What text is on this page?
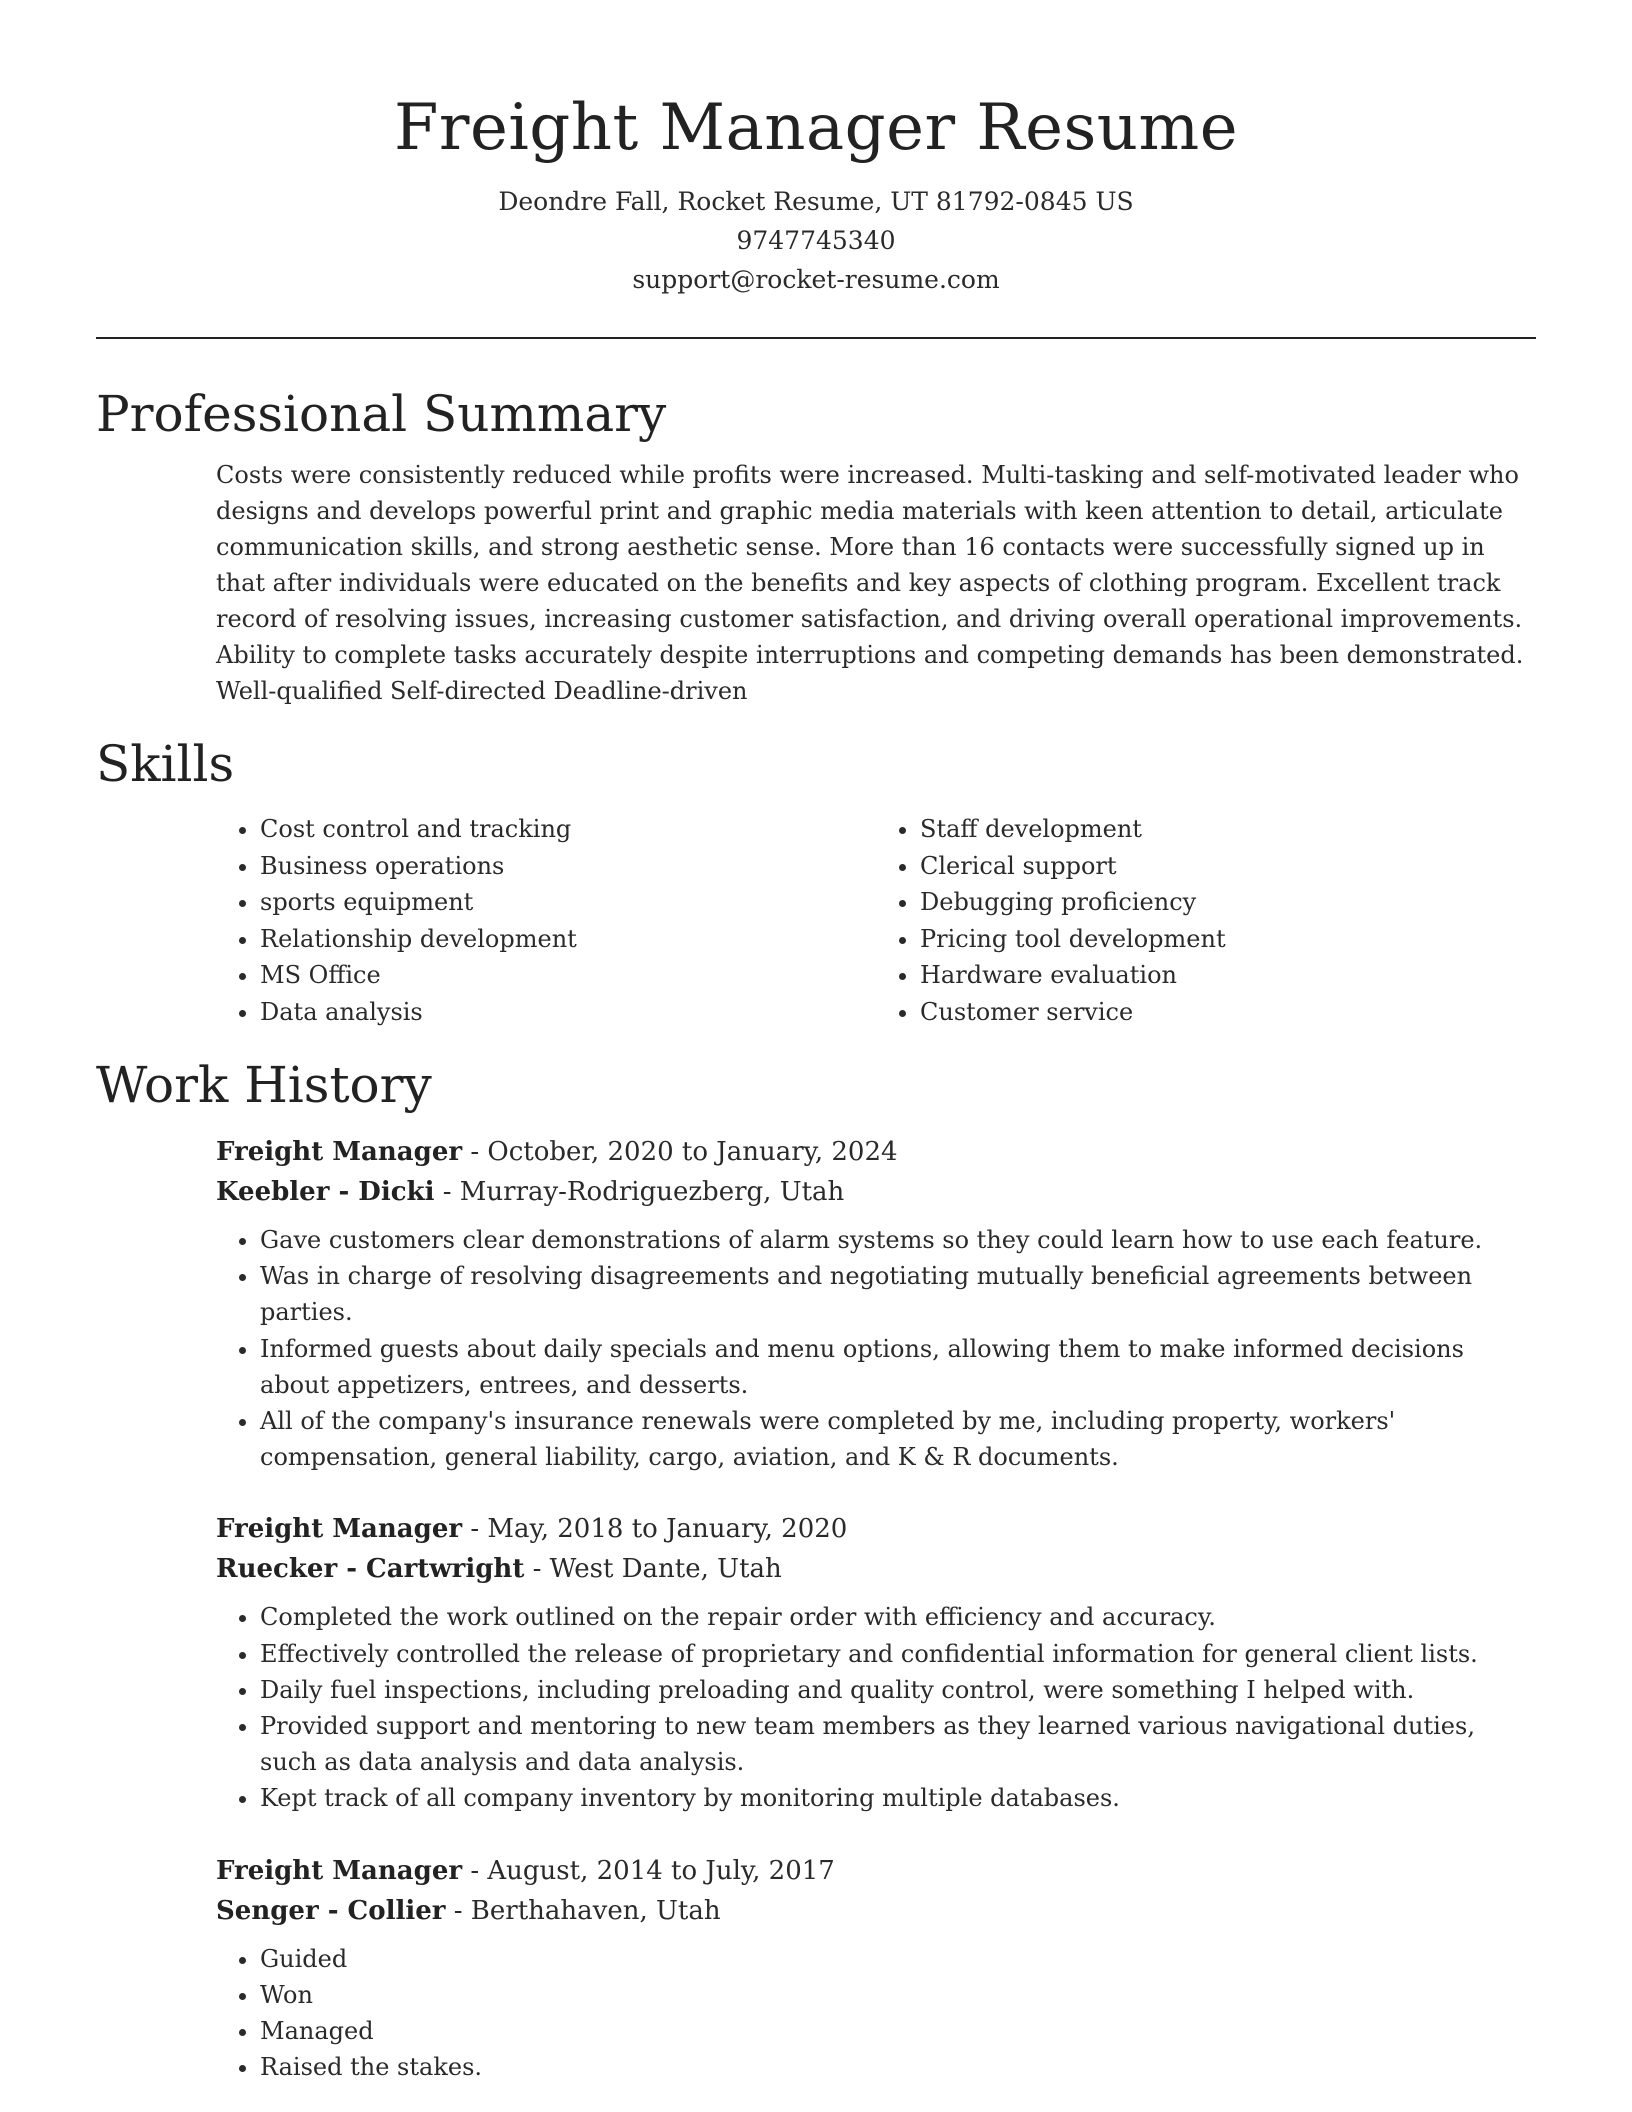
Freight Manager Resume
Deondre Fall, Rocket Resume, UT 81792-0845 US
9747745340
support@rocket-resume.com
Professional Summary

Costs were consistently reduced while profits were increased. Multi-tasking and self-motivated leader who designs and develops powerful print and graphic media materials with keen attention to detail, articulate communication skills, and strong aesthetic sense. More than 16 contacts were successfully signed up in that after individuals were educated on the benefits and key aspects of clothing program. Excellent track record of resolving issues, increasing customer satisfaction, and driving overall operational improvements. Ability to complete tasks accurately despite interruptions and competing demands has been demonstrated. Well-qualified Self-directed Deadline-driven

Skills
• Cost control and tracking
• Business operations
• sports equipment
• Relationship development
• MS Office
• Data analysis
• Staff development
• Clerical support
• Debugging proficiency
• Pricing tool development
• Hardware evaluation
• Customer service
Work History
Freight Manager - October, 2020 to January, 2024
Keebler - Dicki - Murray-Rodriguezberg, Utah
• Gave customers clear demonstrations of alarm systems so they could learn how to use each feature.
• Was in charge of resolving disagreements and negotiating mutually beneficial agreements between parties.
• Informed guests about daily specials and menu options, allowing them to make informed decisions about appetizers, entrees, and desserts.
• All of the company's insurance renewals were completed by me, including property, workers' compensation, general liability, cargo, aviation, and K & R documents.
Freight Manager - May, 2018 to January, 2020
Ruecker - Cartwright - West Dante, Utah
• Completed the work outlined on the repair order with efficiency and accuracy.
• Effectively controlled the release of proprietary and confidential information for general client lists.
• Daily fuel inspections, including preloading and quality control, were something I helped with.
• Provided support and mentoring to new team members as they learned various navigational duties, such as data analysis and data analysis.
• Kept track of all company inventory by monitoring multiple databases.
Freight Manager - August, 2014 to July, 2017
Senger - Collier - Berthahaven, Utah
• Guided
• Won
• Managed
• Raised the stakes.
